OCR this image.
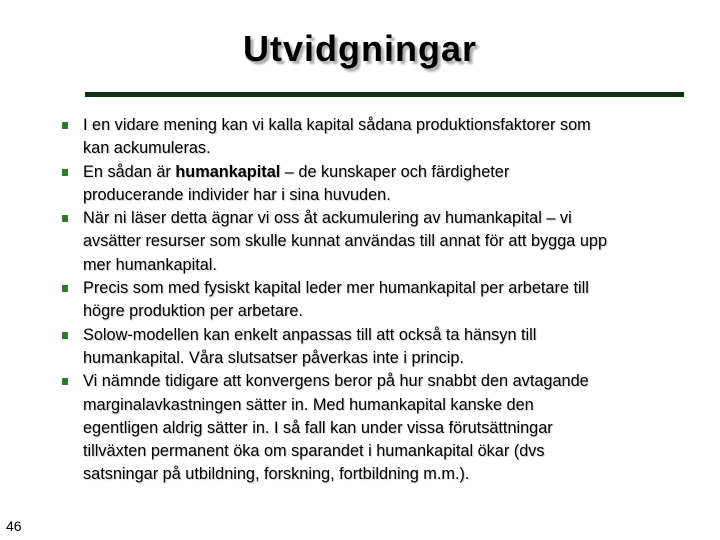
Utvidgningar
I en vidare mening kan vi kalla kapital sådana produktionsfaktorer som
kan ackumuleras.
En sådan är humankapital – de kunskaper och färdigheter
producerande individer har i sina huvuden.
När ni läser detta ägnar vi oss åt ackumulering av humankapital – vi
avsätter resurser som skulle kunnat användas till annat för att bygga upp
mer humankapital.
Precis som med fysiskt kapital leder mer humankapital per arbetare till
högre produktion per arbetare.
Solow-modellen kan enkelt anpassas till att också ta hänsyn till
humankapital. Våra slutsatser påverkas inte i princip.
Vi nämnde tidigare att konvergens beror på hur snabbt den avtagande
marginalavkastningen sätter in. Med humankapital kanske den
egentligen aldrig sätter in. I så fall kan under vissa förutsättningar
tillväxten permanent öka om sparandet i humankapital ökar (dvs
satsningar på utbildning, forskning, fortbildning m.m.).
46
